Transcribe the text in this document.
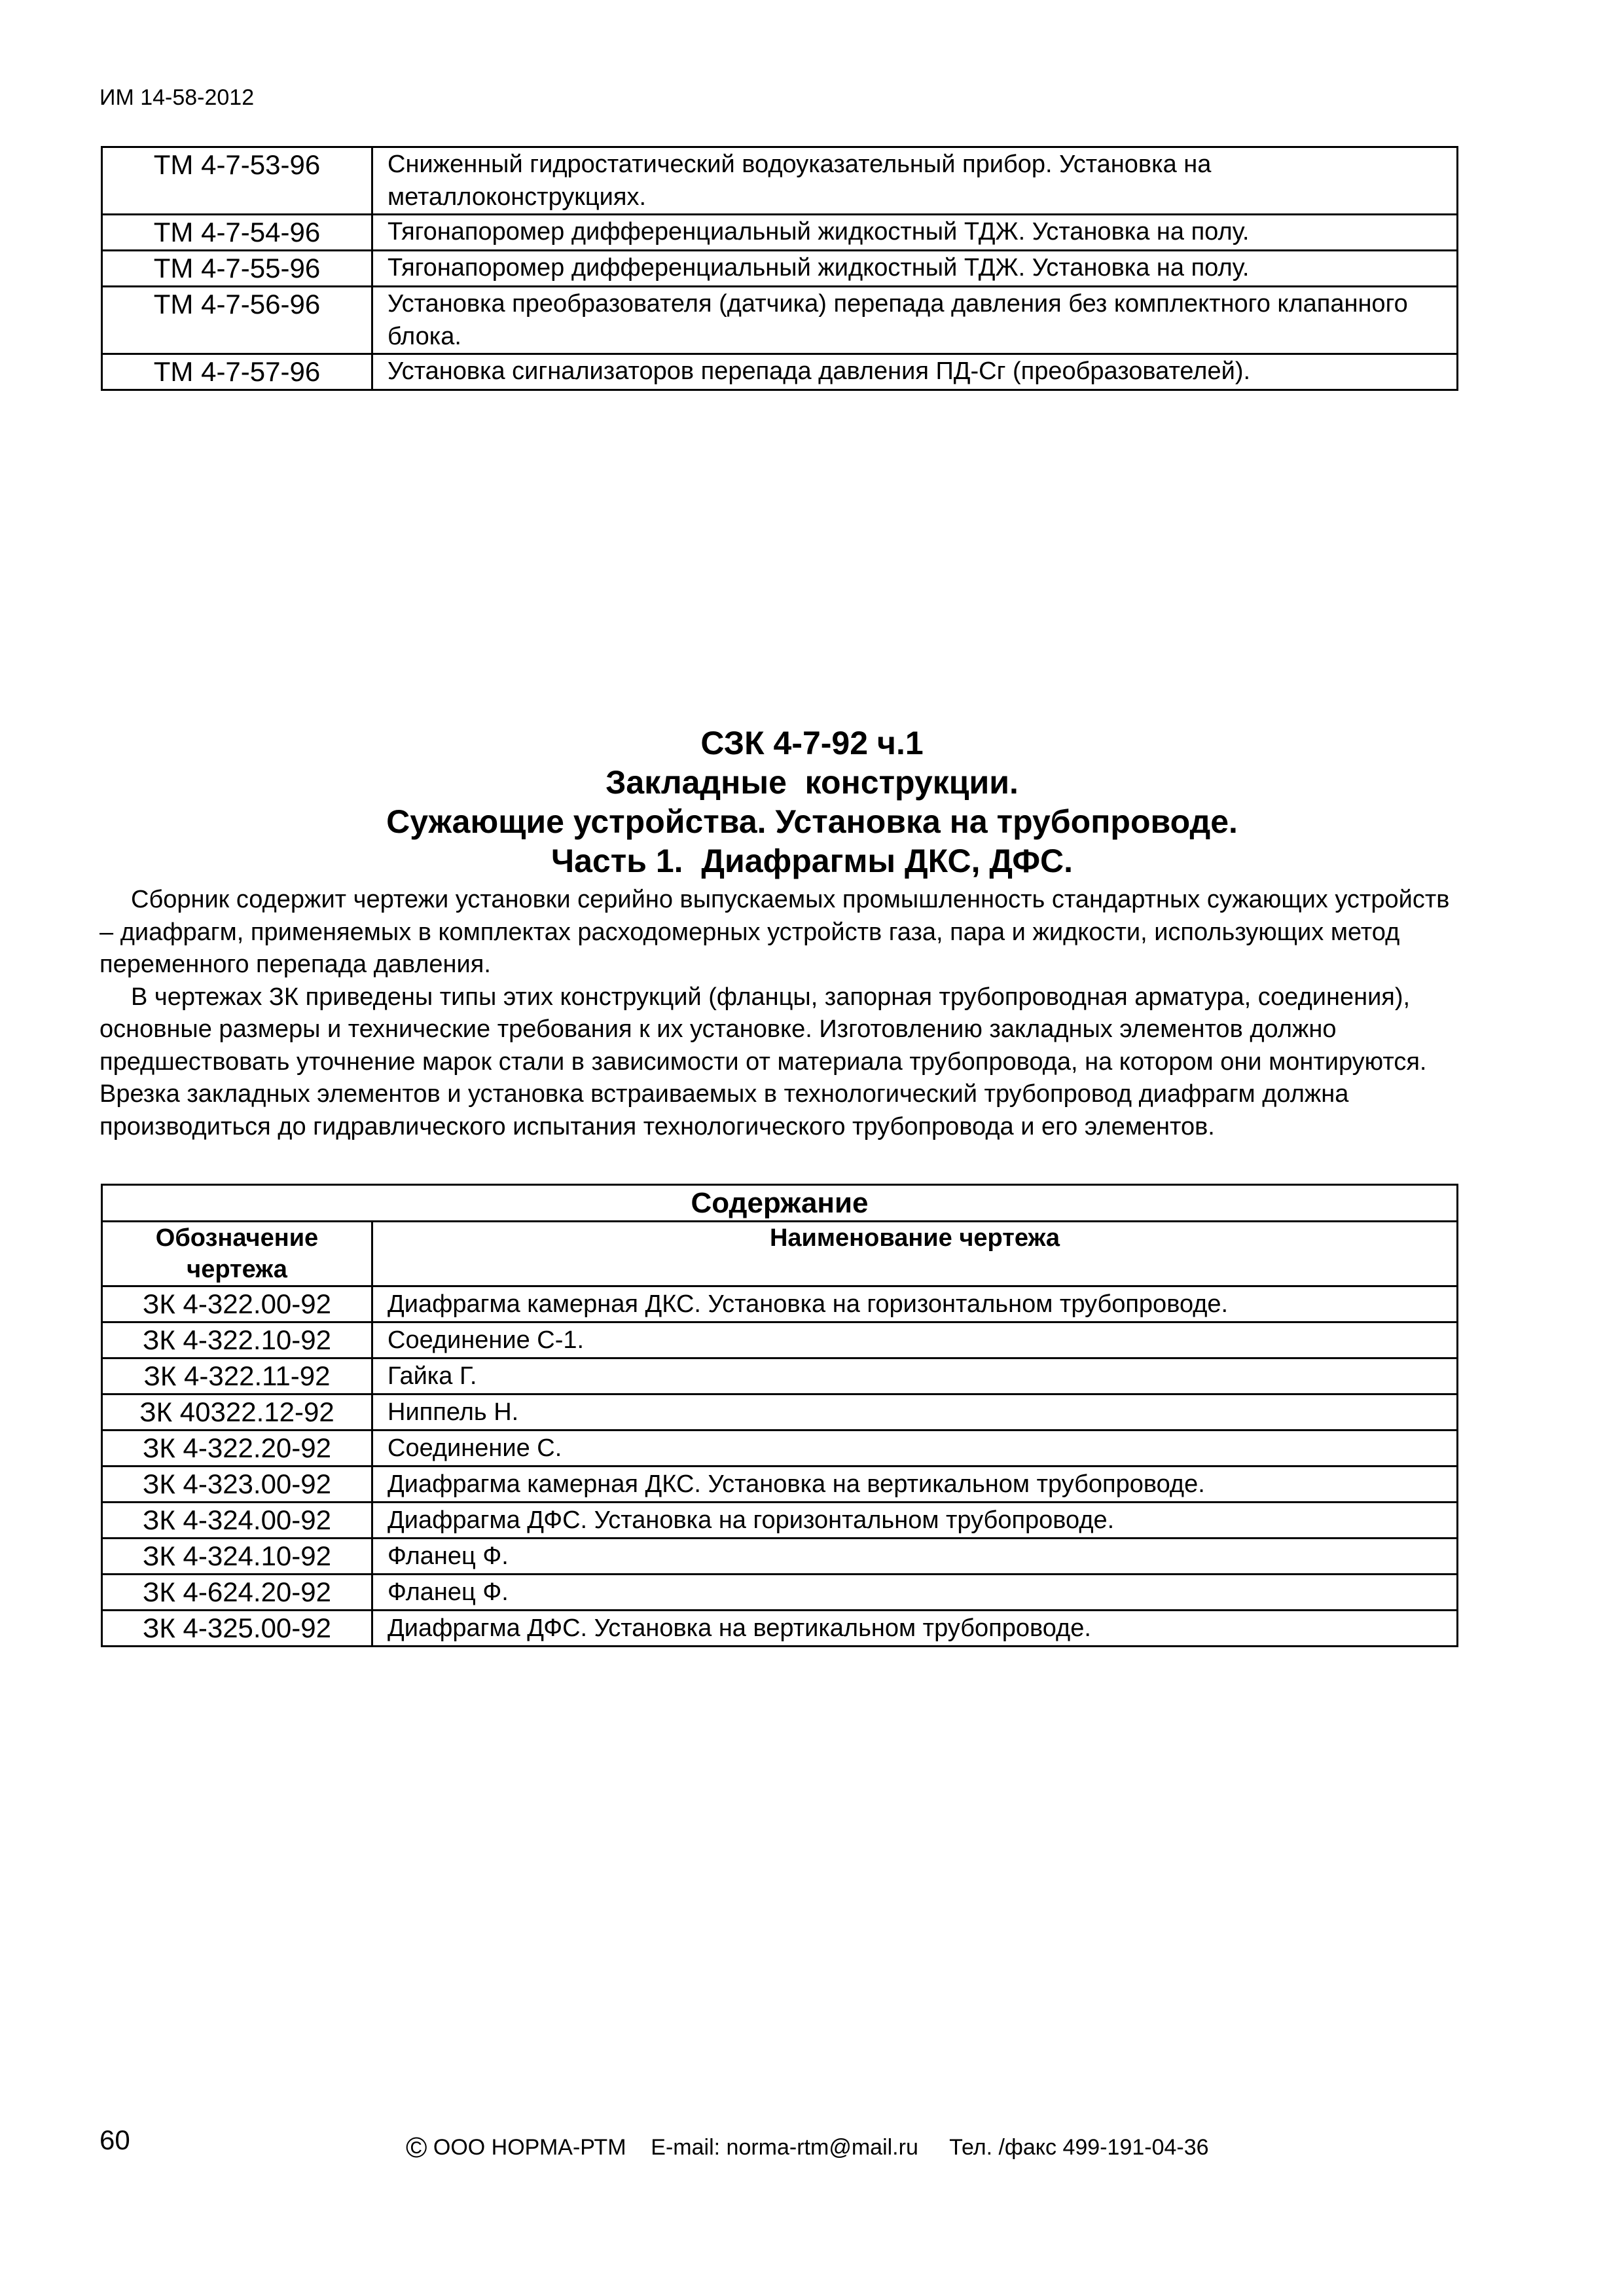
ИМ 14-58-2012
ТМ 4-7-53-96	Сниженный гидростатический водоуказательный прибор. Установка на металлоконструкциях.
ТМ 4-7-54-96	Тягонапоромер дифференциальный жидкостный ТДЖ. Установка на полу.
ТМ 4-7-55-96	Тягонапоромер дифференциальный жидкостный ТДЖ. Установка на полу.
ТМ 4-7-56-96	Установка преобразователя (датчика) перепада давления без комплектного клапанного блока.
ТМ 4-7-57-96	Установка сигнализаторов перепада давления ПД-Сг (преобразователей).
СЗК 4-7-92 ч.1
Закладные  конструкции.
Сужающие устройства. Установка на трубопроводе.
Часть 1.  Диафрагмы ДКС, ДФС.

Сборник содержит чертежи установки серийно выпускаемых промышленность стандартных сужающих устройств – диафрагм, применяемых в комплектах расходомерных устройств газа, пара и жидкости, использующих метод переменного перепада давления.

В чертежах ЗК приведены типы этих конструкций (фланцы, запорная трубопроводная арматура, соединения), основные размеры и технические требования к их установке. Изготовлению закладных элементов должно предшествовать уточнение марок стали в зависимости от материала трубопровода, на котором они монтируются. Врезка закладных элементов и установка встраиваемых в технологический трубопровод диафрагм должна производиться до гидравлического испытания технологического трубопровода и его элементов.

Содержание	
Обозначение чертежа	Наименование чертежа
ЗК 4-322.00-92	Диафрагма камерная ДКС. Установка на горизонтальном трубопроводе.
ЗК 4-322.10-92	Соединение С-1.
ЗК 4-322.11-92	Гайка Г.
ЗК 40322.12-92	Ниппель Н.
ЗК 4-322.20-92	Соединение С.
ЗК 4-323.00-92	Диафрагма камерная ДКС. Установка на вертикальном трубопроводе.
ЗК 4-324.00-92	Диафрагма ДФС. Установка на горизонтальном трубопроводе.
ЗК 4-324.10-92	Фланец Ф.
ЗК 4-624.20-92	Фланец Ф.
ЗК 4-325.00-92	Диафрагма ДФС. Установка на вертикальном трубопроводе.
60	© ООО НОРМА-РТМ    E-mail: norma-rtm@mail.ru     Тел. /факс 499-191-04-36
